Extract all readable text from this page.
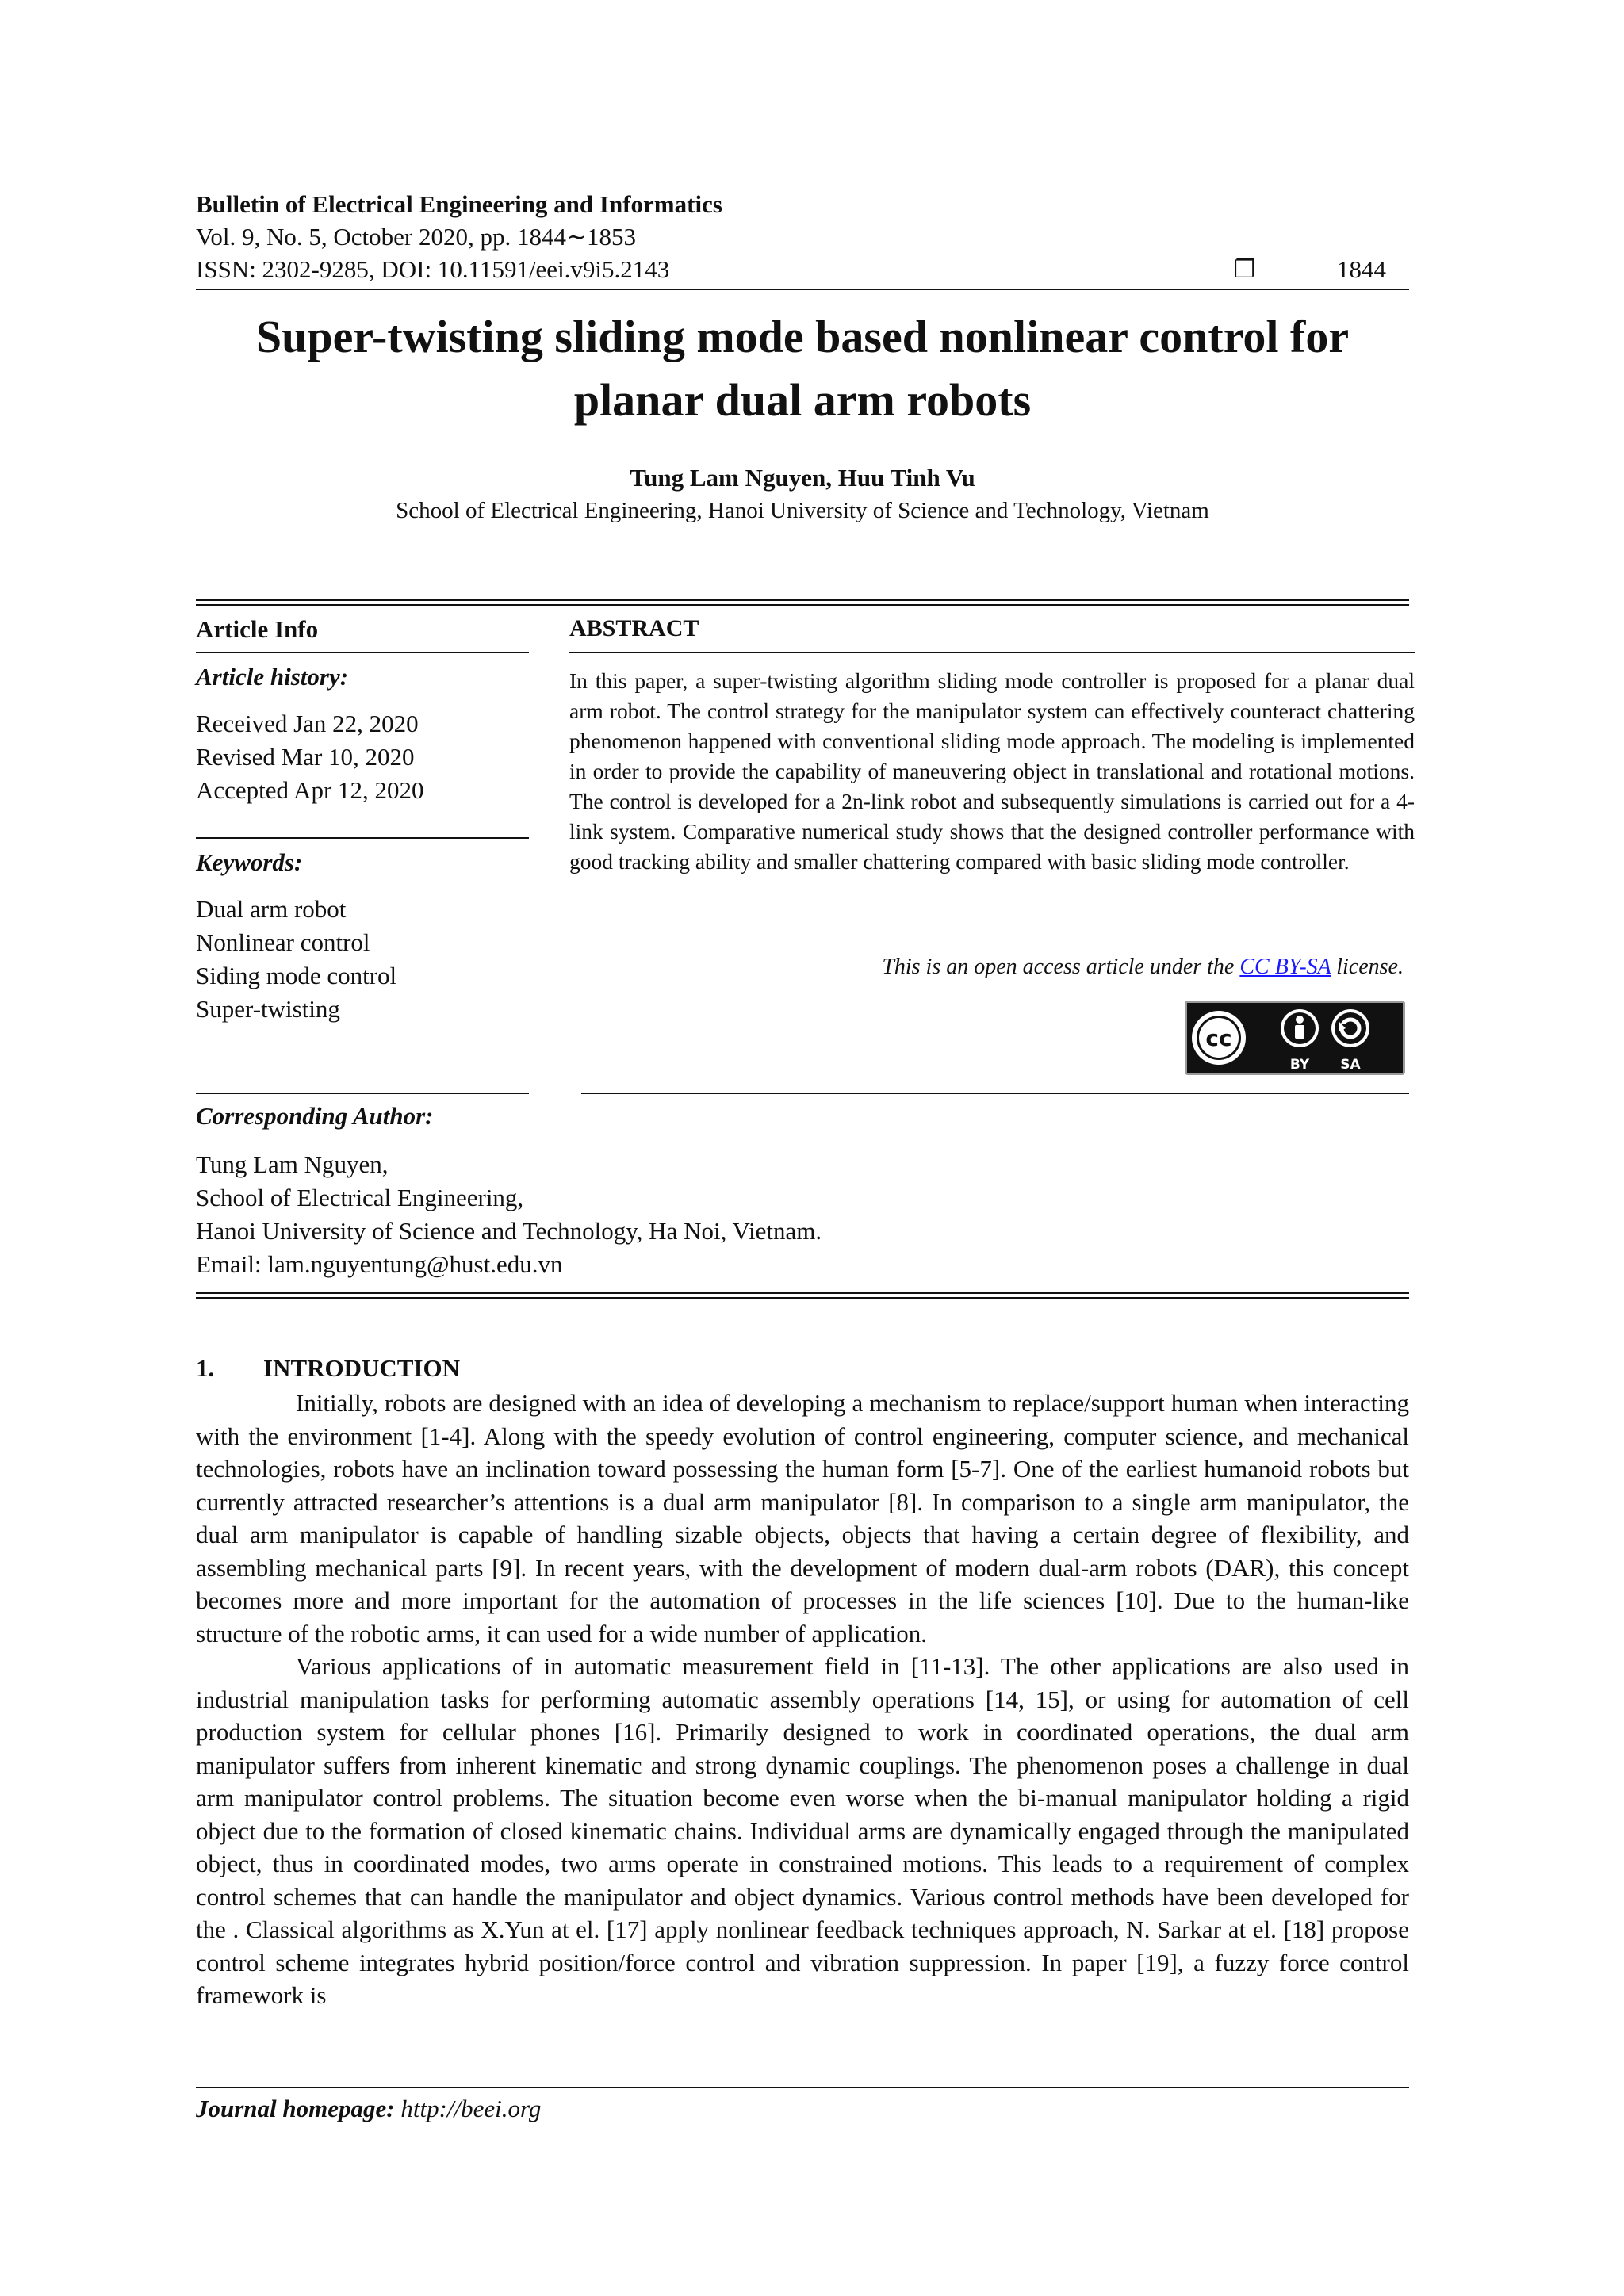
Bulletin of Electrical Engineering and Informatics
Vol. 9, No. 5, October 2020, pp. 1844∼1853
ISSN: 2302-9285, DOI: 10.11591/eei.v9i5.2143	❐	1844
Super-twisting sliding mode based nonlinear control for
planar dual arm robots
Tung Lam Nguyen, Huu Tinh Vu
School of Electrical Engineering, Hanoi University of Science and Technology, Vietnam
Article Info
Article history:
Received Jan 22, 2020
Revised Mar 10, 2020
Accepted Apr 12, 2020
Keywords:
Dual arm robot
Nonlinear control
Siding mode control
Super-twisting
ABSTRACT

In this paper, a super-twisting algorithm sliding mode controller is proposed for a planar dual arm robot. The control strategy for the manipulator system can effectively counteract chattering phenomenon happened with conventional sliding mode approach. The modeling is implemented in order to provide the capability of maneuvering object in translational and rotational motions. The control is developed for a 2n-link robot and subsequently simulations is carried out for a 4-link system. Comparative numerical study shows that the designed controller performance with good tracking ability and smaller chattering compared with basic sliding mode controller.

This is an open access article under the CC BY-SA license.
cc
BY SA
Corresponding Author:
Tung Lam Nguyen,
School of Electrical Engineering,
Hanoi University of Science and Technology, Ha Noi, Vietnam.
Email: lam.nguyentung@hust.edu.vn
1. INTRODUCTION

Initially, robots are designed with an idea of developing a mechanism to replace/support human when interacting with the environment [1-4]. Along with the speedy evolution of control engineering, computer science, and mechanical technologies, robots have an inclination toward possessing the human form [5-7]. One of the earliest humanoid robots but currently attracted researcher’s attentions is a dual arm manipulator [8]. In comparison to a single arm manipulator, the dual arm manipulator is capable of handling sizable objects, objects that having a certain degree of flexibility, and assembling mechanical parts [9]. In recent years, with the development of modern dual-arm robots (DAR), this concept becomes more and more important for the automation of processes in the life sciences [10]. Due to the human-like structure of the robotic arms, it can used for a wide number of application.

Various applications of in automatic measurement field in [11-13]. The other applications are also used in industrial manipulation tasks for performing automatic assembly operations [14, 15], or using for automation of cell production system for cellular phones [16]. Primarily designed to work in coordinated operations, the dual arm manipulator suffers from inherent kinematic and strong dynamic couplings. The phenomenon poses a challenge in dual arm manipulator control problems. The situation become even worse when the bi-manual manipulator holding a rigid object due to the formation of closed kinematic chains. Individual arms are dynamically engaged through the manipulated object, thus in coordinated modes, two arms operate in constrained motions. This leads to a requirement of complex control schemes that can handle the manipulator and object dynamics. Various control methods have been developed for the . Classical algorithms as X.Yun at el. [17] apply nonlinear feedback techniques approach, N. Sarkar at el. [18] propose control scheme integrates hybrid position/force control and vibration suppression. In paper [19], a fuzzy force control framework is

Journal homepage: http://beei.org
